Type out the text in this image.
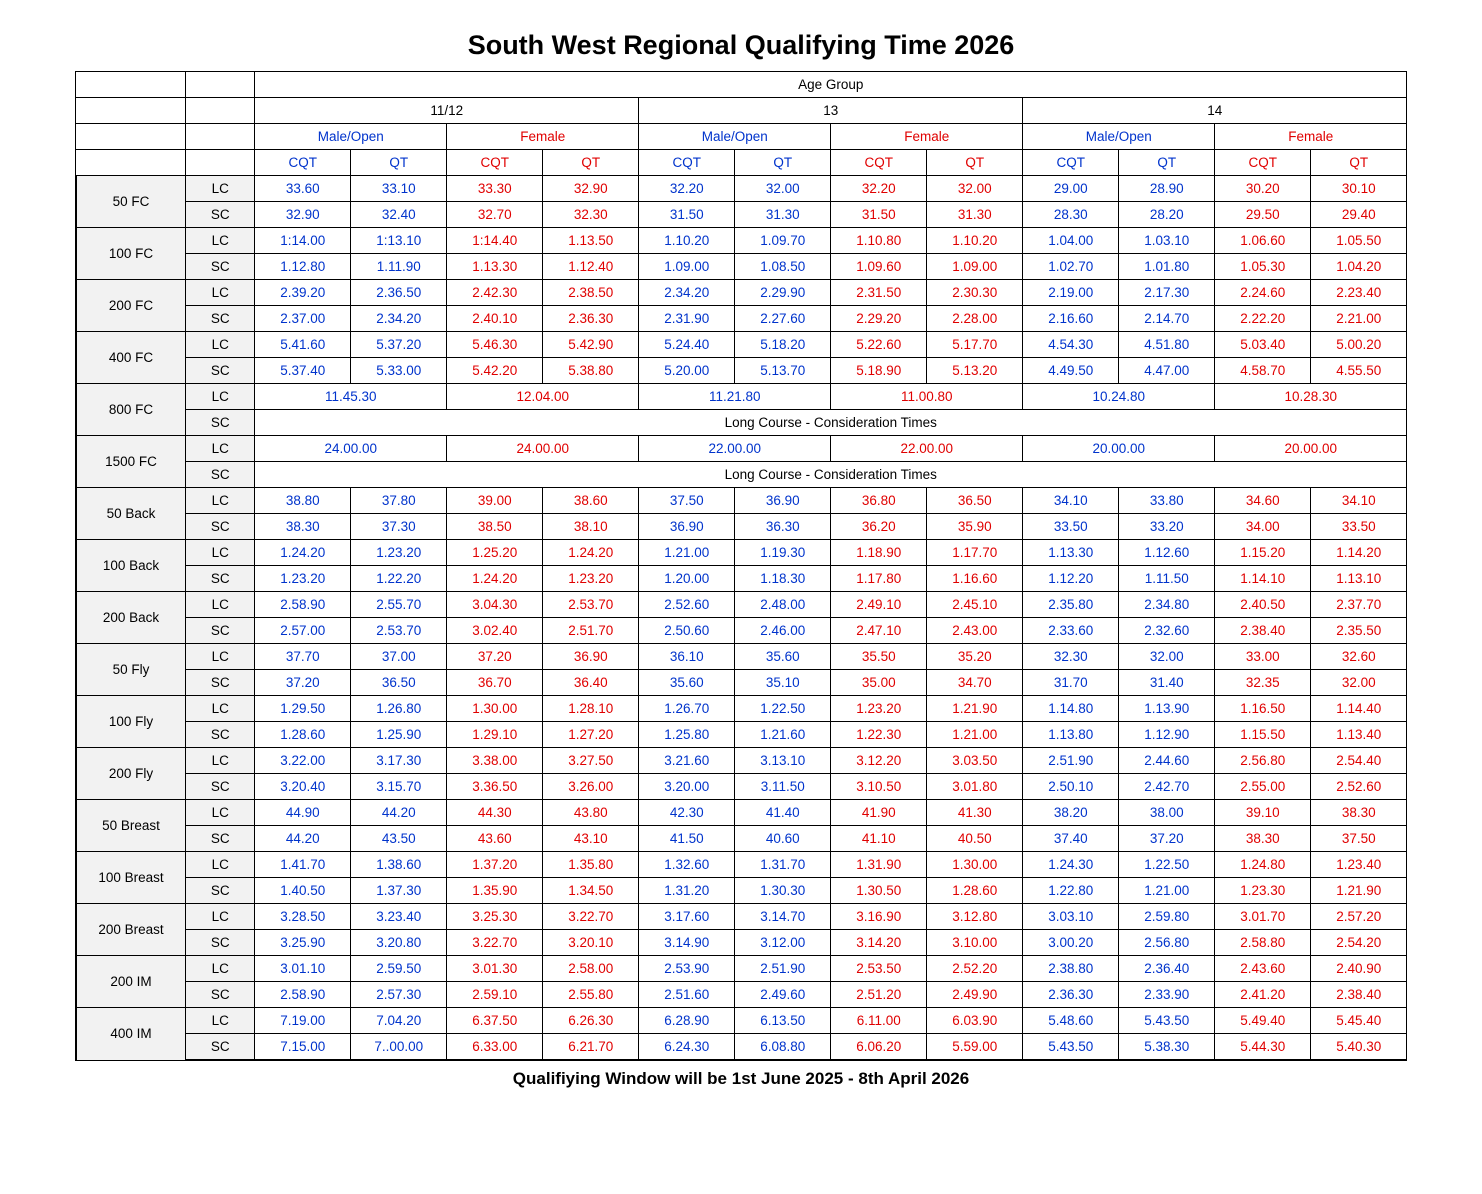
South West Regional Qualifying Time 2026
		Age Group											
		11/12				13				14			
		Male/Open		Female		Male/Open		Female		Male/Open		Female	
		CQT	QT	CQT	QT	CQT	QT	CQT	QT	CQT	QT	CQT	QT
50 FC	LC	33.60	33.10	33.30	32.90	32.20	32.00	32.20	32.00	29.00	28.90	30.20	30.10
	SC	32.90	32.40	32.70	32.30	31.50	31.30	31.50	31.30	28.30	28.20	29.50	29.40
100 FC	LC	1:14.00	1:13.10	1:14.40	1.13.50	1.10.20	1.09.70	1.10.80	1.10.20	1.04.00	1.03.10	1.06.60	1.05.50
	SC	1.12.80	1.11.90	1.13.30	1.12.40	1.09.00	1.08.50	1.09.60	1.09.00	1.02.70	1.01.80	1.05.30	1.04.20
200 FC	LC	2.39.20	2.36.50	2.42.30	2.38.50	2.34.20	2.29.90	2.31.50	2.30.30	2.19.00	2.17.30	2.24.60	2.23.40
	SC	2.37.00	2.34.20	2.40.10	2.36.30	2.31.90	2.27.60	2.29.20	2.28.00	2.16.60	2.14.70	2.22.20	2.21.00
400 FC	LC	5.41.60	5.37.20	5.46.30	5.42.90	5.24.40	5.18.20	5.22.60	5.17.70	4.54.30	4.51.80	5.03.40	5.00.20
	SC	5.37.40	5.33.00	5.42.20	5.38.80	5.20.00	5.13.70	5.18.90	5.13.20	4.49.50	4.47.00	4.58.70	4.55.50
800 FC	LC	11.45.30		12.04.00		11.21.80		11.00.80		10.24.80		10.28.30	
	SC	Long Course - Consideration Times											
1500 FC	LC	24.00.00		24.00.00		22.00.00		22.00.00		20.00.00		20.00.00	
	SC	Long Course - Consideration Times											
50 Back	LC	38.80	37.80	39.00	38.60	37.50	36.90	36.80	36.50	34.10	33.80	34.60	34.10
	SC	38.30	37.30	38.50	38.10	36.90	36.30	36.20	35.90	33.50	33.20	34.00	33.50
100 Back	LC	1.24.20	1.23.20	1.25.20	1.24.20	1.21.00	1.19.30	1.18.90	1.17.70	1.13.30	1.12.60	1.15.20	1.14.20
	SC	1.23.20	1.22.20	1.24.20	1.23.20	1.20.00	1.18.30	1.17.80	1.16.60	1.12.20	1.11.50	1.14.10	1.13.10
200 Back	LC	2.58.90	2.55.70	3.04.30	2.53.70	2.52.60	2.48.00	2.49.10	2.45.10	2.35.80	2.34.80	2.40.50	2.37.70
	SC	2.57.00	2.53.70	3.02.40	2.51.70	2.50.60	2.46.00	2.47.10	2.43.00	2.33.60	2.32.60	2.38.40	2.35.50
50 Fly	LC	37.70	37.00	37.20	36.90	36.10	35.60	35.50	35.20	32.30	32.00	33.00	32.60
	SC	37.20	36.50	36.70	36.40	35.60	35.10	35.00	34.70	31.70	31.40	32.35	32.00
100 Fly	LC	1.29.50	1.26.80	1.30.00	1.28.10	1.26.70	1.22.50	1.23.20	1.21.90	1.14.80	1.13.90	1.16.50	1.14.40
	SC	1.28.60	1.25.90	1.29.10	1.27.20	1.25.80	1.21.60	1.22.30	1.21.00	1.13.80	1.12.90	1.15.50	1.13.40
200 Fly	LC	3.22.00	3.17.30	3.38.00	3.27.50	3.21.60	3.13.10	3.12.20	3.03.50	2.51.90	2.44.60	2.56.80	2.54.40
	SC	3.20.40	3.15.70	3.36.50	3.26.00	3.20.00	3.11.50	3.10.50	3.01.80	2.50.10	2.42.70	2.55.00	2.52.60
50 Breast	LC	44.90	44.20	44.30	43.80	42.30	41.40	41.90	41.30	38.20	38.00	39.10	38.30
	SC	44.20	43.50	43.60	43.10	41.50	40.60	41.10	40.50	37.40	37.20	38.30	37.50
100 Breast	LC	1.41.70	1.38.60	1.37.20	1.35.80	1.32.60	1.31.70	1.31.90	1.30.00	1.24.30	1.22.50	1.24.80	1.23.40
	SC	1.40.50	1.37.30	1.35.90	1.34.50	1.31.20	1.30.30	1.30.50	1.28.60	1.22.80	1.21.00	1.23.30	1.21.90
200 Breast	LC	3.28.50	3.23.40	3.25.30	3.22.70	3.17.60	3.14.70	3.16.90	3.12.80	3.03.10	2.59.80	3.01.70	2.57.20
	SC	3.25.90	3.20.80	3.22.70	3.20.10	3.14.90	3.12.00	3.14.20	3.10.00	3.00.20	2.56.80	2.58.80	2.54.20
200 IM	LC	3.01.10	2.59.50	3.01.30	2.58.00	2.53.90	2.51.90	2.53.50	2.52.20	2.38.80	2.36.40	2.43.60	2.40.90
	SC	2.58.90	2.57.30	2.59.10	2.55.80	2.51.60	2.49.60	2.51.20	2.49.90	2.36.30	2.33.90	2.41.20	2.38.40
400 IM	LC	7.19.00	7.04.20	6.37.50	6.26.30	6.28.90	6.13.50	6.11.00	6.03.90	5.48.60	5.43.50	5.49.40	5.45.40
	SC	7.15.00	7..00.00	6.33.00	6.21.70	6.24.30	6.08.80	6.06.20	5.59.00	5.43.50	5.38.30	5.44.30	5.40.30
Qualifiying Window will be 1st June 2025 - 8th April 2026
